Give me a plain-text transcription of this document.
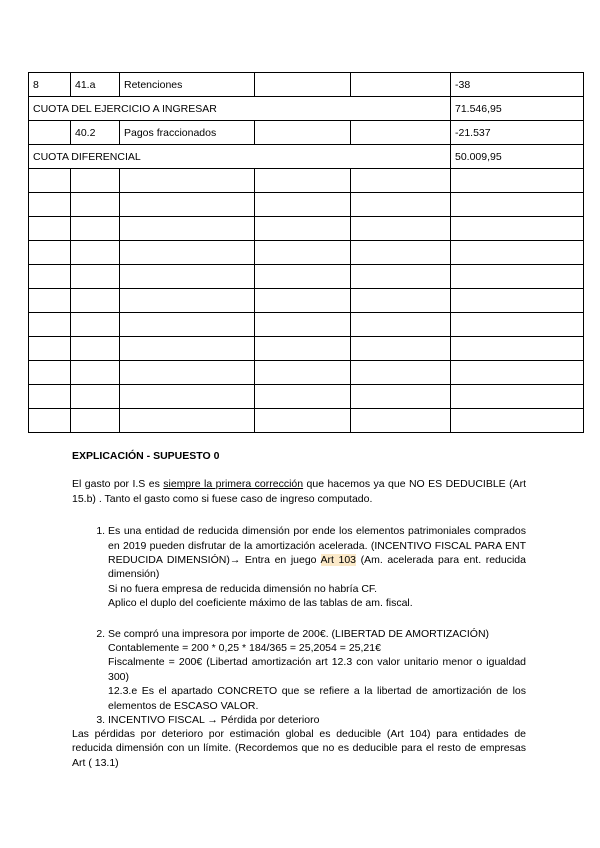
8	41.a	Retenciones			-38
CUOTA DEL EJERCICIO A INGRESAR					71.546,95
	40.2	Pagos fraccionados			-21.537
CUOTA DIFERENCIAL					50.009,95

EXPLICACIÓN - SUPUESTO 0
El gasto por I.S es siempre la primera corrección que hacemos ya que NO ES DEDUCIBLE (Art 15.b) . Tanto el gasto como si fuese caso de ingreso computado.
1. Es una entidad de reducida dimensión por ende los elementos patrimoniales comprados en 2019 pueden disfrutar de la amortización acelerada. (INCENTIVO FISCAL PARA ENT REDUCIDA DIMENSIÓN)→ Entra en juego Art 103 (Am. acelerada para ent. reducida dimensión)
Si no fuera empresa de reducida dimensión no habría CF.
Aplico el duplo del coeficiente máximo de las tablas de am. fiscal.
2. Se compró una impresora por importe de 200€. (LIBERTAD DE AMORTIZACIÓN)
Contablemente = 200 * 0,25 * 184/365 = 25,2054 = 25,21€
Fiscalmente = 200€ (Libertad amortización art 12.3 con valor unitario menor o igualdad 300)
12.3.e Es el apartado CONCRETO que se refiere a la libertad de amortización de los elementos de ESCASO VALOR.
3. INCENTIVO FISCAL → Pérdida por deterioro
Las pérdidas por deterioro por estimación global es deducible (Art 104) para entidades de reducida dimensión con un límite. (Recordemos que no es deducible para el resto de empresas Art ( 13.1)
